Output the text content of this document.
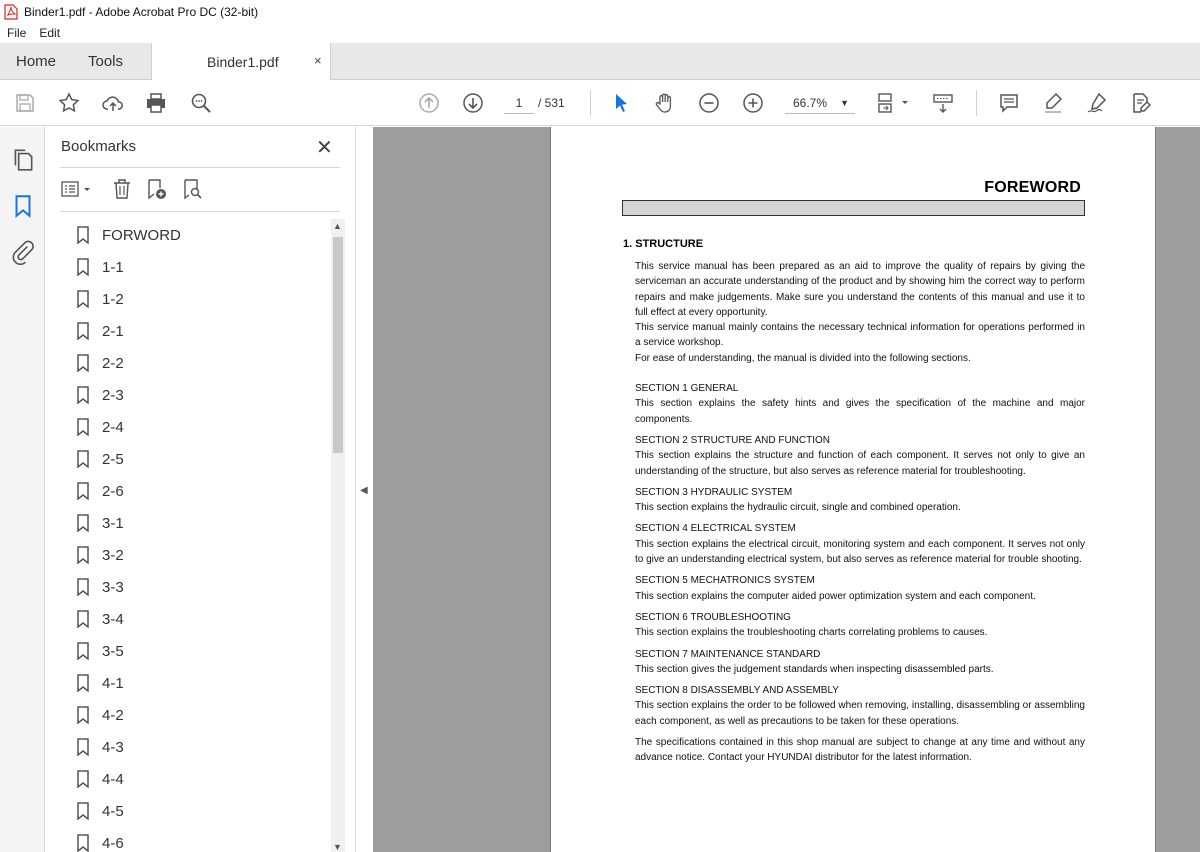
Binder1.pdf - Adobe Acrobat Pro DC (32-bit)
File	Edit
Home Tools	Binder1.pdf	×
1	/ 531	66.7% ▼
Bookmarks	✕
FORWORD
1-1
1-2
2-1
2-2
2-3
2-4
2-5
2-6
3-1
3-2
3-3
3-4
3-5
4-1
4-2
4-3
4-4
4-5
4-6
▲
▼
◀
FOREWORD
1. STRUCTURE

This service manual has been prepared as an aid to improve the quality of repairs by giving the serviceman an accurate understanding of the product and by showing him the correct way to perform repairs and make judgements. Make sure you understand the contents of this manual and use it to full effect at every opportunity.

This service manual mainly contains the necessary technical information for operations performed in a service workshop.

For ease of understanding, the manual is divided into the following sections.

SECTION 1 GENERAL
This section explains the safety hints and gives the specification of the machine and major components.
SECTION 2 STRUCTURE AND FUNCTION
This section explains the structure and function of each component. It serves not only to give an understanding of the structure, but also serves as reference material for troubleshooting.
SECTION 3 HYDRAULIC SYSTEM
This section explains the hydraulic circuit, single and combined operation.
SECTION 4 ELECTRICAL SYSTEM
This section explains the electrical circuit, monitoring system and each component. It serves not only to give an understanding electrical system, but also serves as reference material for trouble shooting.
SECTION 5 MECHATRONICS SYSTEM
This section explains the computer aided power optimization system and each component.
SECTION 6 TROUBLESHOOTING
This section explains the troubleshooting charts correlating problems to causes.
SECTION 7 MAINTENANCE STANDARD
This section gives the judgement standards when inspecting disassembled parts.
SECTION 8 DISASSEMBLY AND ASSEMBLY
This section explains the order to be followed when removing, installing, disassembling or assembling each component, as well as precautions to be taken for these operations.

The specifications contained in this shop manual are subject to change at any time and without any advance notice. Contact your HYUNDAI distributor for the latest information.
